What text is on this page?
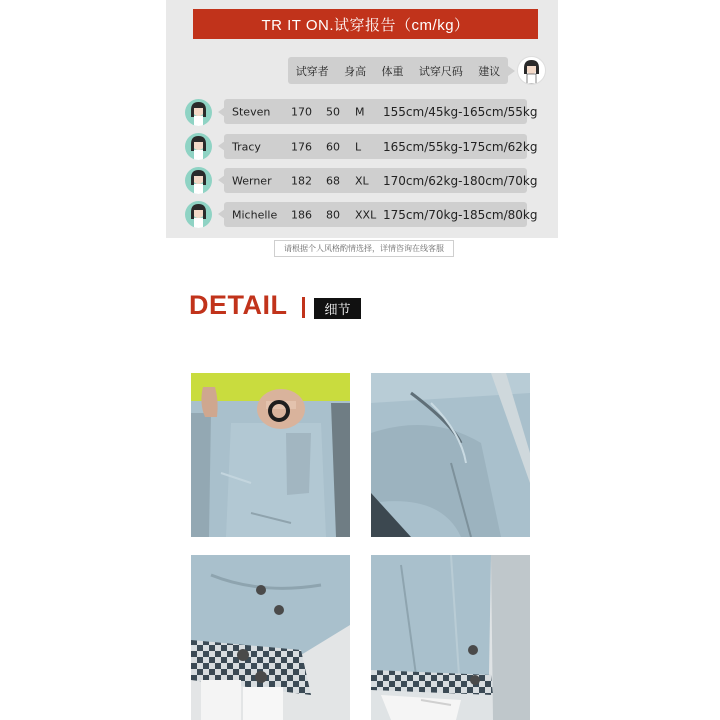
TR IT ON.试穿报告（cm/kg）
试穿者 身高 体重 试穿尺码 建议
Steven 170 50 M 155cm/45kg-165cm/55kg
Tracy	176 60 L 165cm/55kg-175cm/62kg
Werner 182 68 XL 170cm/62kg-180cm/70kg
Michelle 186 80 XXL 175cm/70kg-185cm/80kg
请根据个人风格酌情选择，详情咨询在线客服
DETAIL	细节
